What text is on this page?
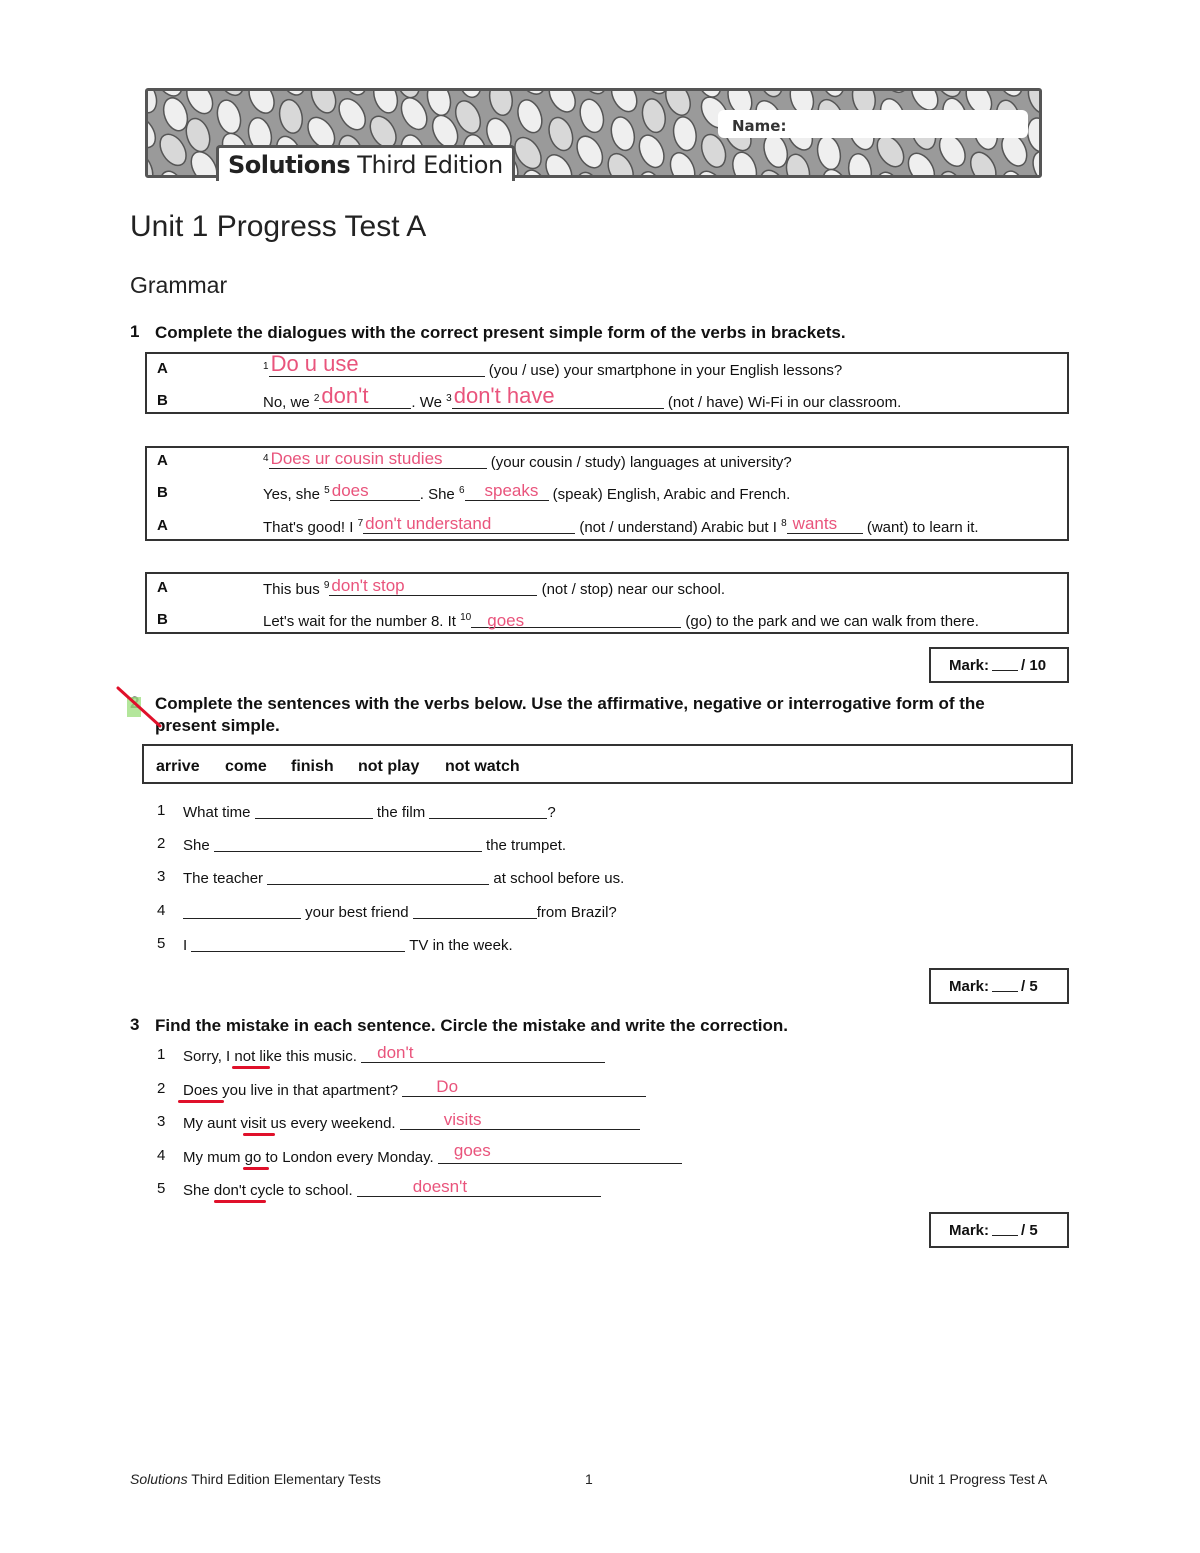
Name:
Solutions Third Edition
Unit 1 Progress Test A
Grammar
1 Complete the dialogues with the correct present simple form of the verbs in brackets.
A	$^1$ Do u use	(you / use) your smartphone in your English lessons?
B	No, we $^2$ don't	. We $^3$ don't have	(not / have) Wi-Fi in our classroom.
A	$^4$ Does ur cousin studies	(your cousin / study) languages at university?
B	Yes, she $^5$ does	. She $^6$ speaks (speak) English, Arabic and French.
A	That's good! I $^7$ don't understand	(not / understand) Arabic but I $^8$ wants (want) to learn it.
A	This bus $^9$ don't stop	(not / stop) near our school.
B	Let's wait for the number 8. It $^{10}$ goes	(go) to the park and we can walk from there.
Mark: / 10
Complete the sentences with the verbs below. Use the affirmative, negative or interrogative form of the
present simple.
arrive come finish not play not watch
1 What time	the film	?
2 She	the trumpet.
3 The teacher	at school before us.
4	your best friend	from Brazil?
5 I	TV in the week.
Mark: / 5
3 Find the mistake in each sentence. Circle the mistake and write the correction.
1 Sorry, I not like this music. don't
2 Does you live in that apartment? Do
3 My aunt visit us every weekend.	visits
4 My mum go to London every Monday. goes
5 She don't cycle to school.	doesn't
Mark: / 5
Solutions Third Edition Elementary Tests	1	Unit 1 Progress Test A
